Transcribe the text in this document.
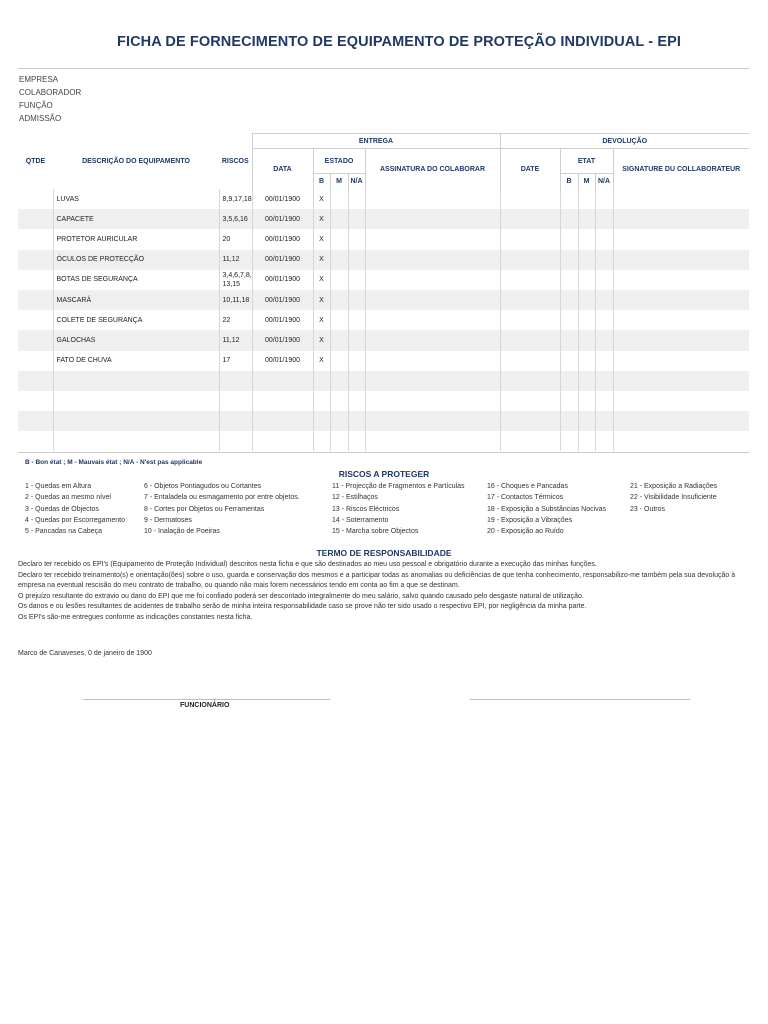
FICHA DE FORNECIMENTO DE EQUIPAMENTO DE PROTEÇÃO INDIVIDUAL - EPI
EMPRESA
COLABORADOR
FUNÇÃO
ADMISSÃO
QTDE	DESCRIÇÃO DO EQUIPAMENTO	RISCOS	ENTREGA					DEVOLUÇÃO				
			DATA	ESTADO			ASSINATURA DO COLABORAR	DATE	ETAT			SIGNATURE DU COLLABORATEUR
				B	M	N/A			B	M	N/A	
	LUVAS	8,9,17,18	00/01/1900	X								
	CAPACETE	3,5,6,16	00/01/1900	X								
	PROTETOR AURICULAR	20	00/01/1900	X								
	ÓCULOS DE PROTECÇÃO	11,12	00/01/1900	X								
	BOTAS DE SEGURANÇA	3,4,6,7,8,
13,15	00/01/1900	X								
	MASCARÁ	10,11,18	00/01/1900	X								
	COLETE DE SEGURANÇA	22	00/01/1900	X								
	GALOCHAS	11,12	00/01/1900	X								
	FATO DE CHUVA	17	00/01/1900	X								

B - Bon état ; M - Mauvais état ; N/A - N'est pas applicable
RISCOS A PROTEGER
1 - Quedas em Altura
2 - Quedas ao mesmo nível
3 - Quedas de Objectos
4 - Quedas por Escorregamento
5 - Pancadas na Cabeça
6 - Objetos Pontiagudos ou Cortantes
7 - Entaladela ou esmagamento por entre objetos.
8 - Cortes por Objetos ou Ferramentas
9 - Dermatoses
10 - Inalação de Poeiras
11 - Projecção de Fragmentos e Partículas
12 - Estilhaços
13 - Riscos Eléctricos
14 - Soterramento
15 - Marcha sobre Objectos
16 - Choques e Pancadas
17 - Contactos Térmicos
18 - Exposição a Substâncias Nocivas
19 - Exposição a Vibrações
20 - Exposição ao Ruído
21 - Exposição a Radiações
22 - Visibilidade Insuficiente
23 - Outros
TERMO DE RESPONSABILIDADE

Declaro ter recebido os EPI's (Equipamento de Proteção Individual) descritos nesta ficha e que são destinados ao meu uso pessoal e obrigatório durante a execução das minhas funções.

Declaro ter recebido treinamento(s) e orientação(ões) sobre o uso, guarda e conservação dos mesmos e a participar todas as anomalias ou deficiências de que tenha conhecimento, responsabilizo-me também pela sua devolução à empresa na eventual rescisão do meu contrato de trabalho, ou quando não mais forem necessários tendo em conta ao fim a que se destinam.

O prejuízo resultante do extravio ou dano do EPI que me foi confiado poderá ser descontado integralmente do meu salário, salvo quando causado pelo desgaste natural de utilização.

Os danos e ou lesões resultantes de acidentes de trabalho serão de minha inteira responsabilidade caso se prove não ter sido usado o respectivo EPI, por negligência da minha parte.

Os EPI's são-me entregues conforme as indicações constantes nesta ficha.

Marco de Canaveses, 0 de janeiro de 1900
FUNCIONÁRIO
